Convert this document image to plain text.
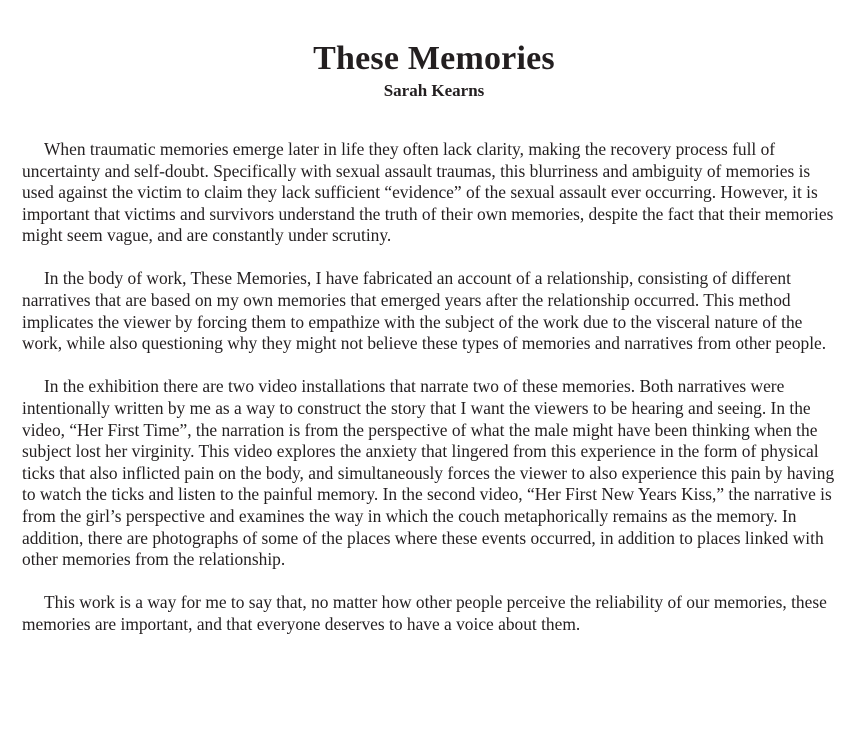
These Memories
Sarah Kearns

When traumatic memories emerge later in life they often lack clarity, making the recovery process full of uncertainty and self-doubt. Specifically with sexual assault traumas, this blurriness and ambiguity of memories is used against the victim to claim they lack sufficient “evidence” of the sexual assault ever occurring. However, it is important that victims and survivors understand the truth of their own memories, despite the fact that their memories might seem vague, and are constantly under scrutiny.

In the body of work, These Memories, I have fabricated an account of a relationship, consisting of different narratives that are based on my own memories that emerged years after the relationship occurred. This method implicates the viewer by forcing them to empathize with the subject of the work due to the visceral nature of the work, while also questioning why they might not believe these types of memories and narratives from other people.

In the exhibition there are two video installations that narrate two of these memories. Both narratives were intentionally written by me as a way to construct the story that I want the viewers to be hearing and seeing. In the video, “Her First Time”, the narration is from the perspective of what the male might have been thinking when the subject lost her virginity. This video explores the anxiety that lingered from this experience in the form of physical ticks that also inflicted pain on the body, and simultaneously forces the viewer to also experience this pain by having to watch the ticks and listen to the painful memory. In the second video, “Her First New Years Kiss,” the narrative is from the girl’s perspective and examines the way in which the couch metaphorically remains as the memory. In addition, there are photographs of some of the places where these events occurred, in addition to places linked with other memories from the relationship.

This work is a way for me to say that, no matter how other people perceive the reliability of our memories, these memories are important, and that everyone deserves to have a voice about them.
